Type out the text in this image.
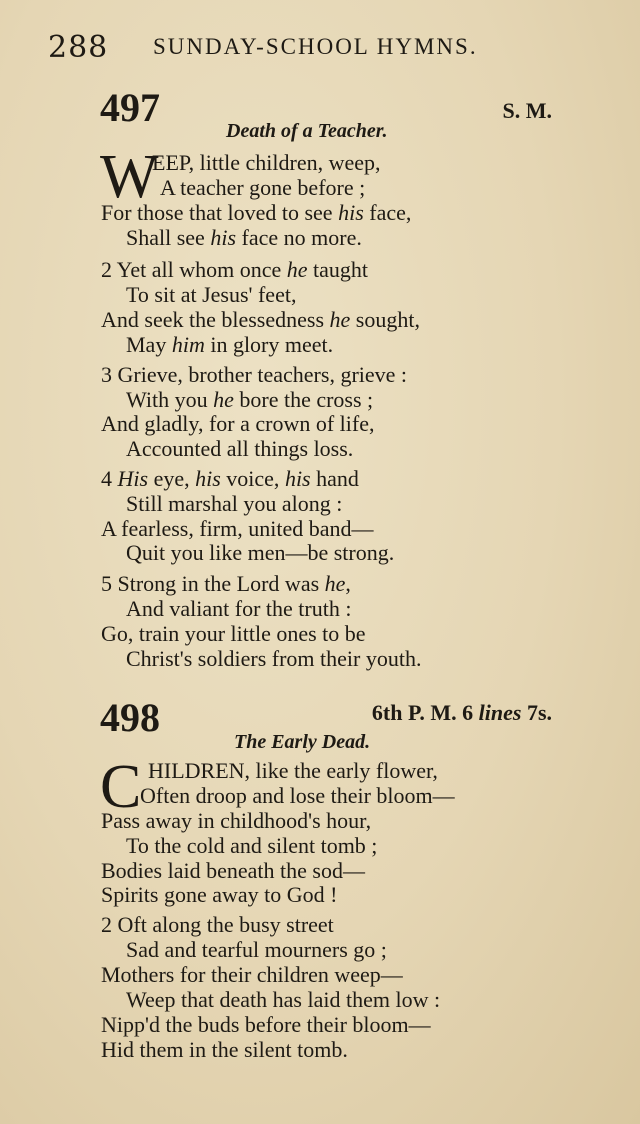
288 SUNDAY-SCHOOL HYMNS.
497	S. M.
Death of a Teacher.
W
EEP, little children, weep,
A teacher gone before ;
For those that loved to see his face,
Shall see his face no more.
2 Yet all whom once he taught
To sit at Jesus' feet,
And seek the blessedness he sought,
May him in glory meet.
3 Grieve, brother teachers, grieve :
With you he bore the cross ;
And gladly, for a crown of life,
Accounted all things loss.
4 His eye, his voice, his hand
Still marshal you along :
A fearless, firm, united band—
Quit you like men—be strong.
5 Strong in the Lord was he,
And valiant for the truth :
Go, train your little ones to be
Christ's soldiers from their youth.
498	6th P. M. 6 lines 7s.
The Early Dead.
C HILDREN, like the early flower,
Often droop and lose their bloom—
Pass away in childhood's hour,
To the cold and silent tomb ;
Bodies laid beneath the sod—
Spirits gone away to God !
2 Oft along the busy street
Sad and tearful mourners go ;
Mothers for their children weep—
Weep that death has laid them low :
Nipp'd the buds before their bloom—
Hid them in the silent tomb.
